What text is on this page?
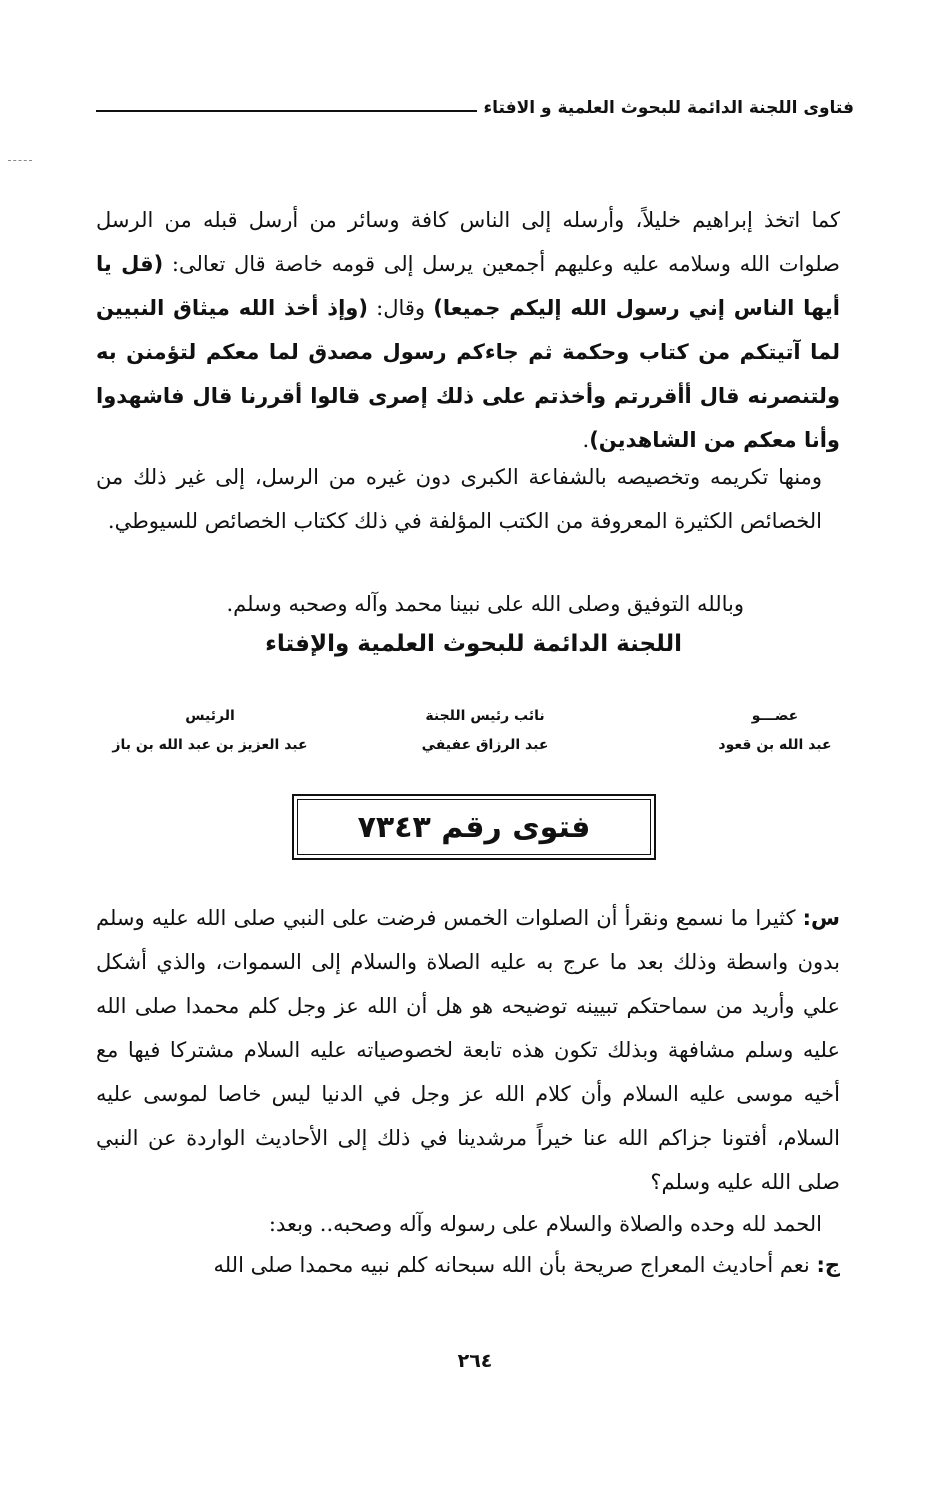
فتاوى اللجنة الدائمة للبحوث العلمية و الافتاء

كما اتخذ إبراهيم خليلاً، وأرسله إلى الناس كافة وسائر من أرسل قبله من الرسل صلوات الله وسلامه عليه وعليهم أجمعين يرسل إلى قومه خاصة قال تعالى: (قل يا أيها الناس إني رسول الله إليكم جميعا) وقال: (وإذ أخذ الله ميثاق النبيين لما آتيتكم من كتاب وحكمة ثم جاءكم رسول مصدق لما معكم لتؤمنن به ولتنصرنه قال أأقررتم وأخذتم على ذلك إصرى قالوا أقررنا قال فاشهدوا وأنا معكم من الشاهدين).

ومنها تكريمه وتخصيصه بالشفاعة الكبرى دون غيره من الرسل، إلى غير ذلك من الخصائص الكثيرة المعروفة من الكتب المؤلفة في ذلك ككتاب الخصائص للسيوطي.

وبالله التوفيق وصلى الله على نبينا محمد وآله وصحبه وسلم.
اللجنة الدائمة للبحوث العلمية والإفتاء
عضـــو
عبد الله بن قعود
نائب رئيس اللجنة
عبد الرزاق عفيفي
الرئيس
عبد العزيز بن عبد الله بن باز
فتوى رقم ٧٣٤٣

س: كثيرا ما نسمع ونقرأ أن الصلوات الخمس فرضت على النبي صلى الله عليه وسلم بدون واسطة وذلك بعد ما عرج به عليه الصلاة والسلام إلى السموات، والذي أشكل علي وأريد من سماحتكم تبيينه توضيحه هو هل أن الله عز وجل كلم محمدا صلى الله عليه وسلم مشافهة وبذلك تكون هذه تابعة لخصوصياته عليه السلام مشتركا فيها مع أخيه موسى عليه السلام وأن كلام الله عز وجل في الدنيا ليس خاصا لموسى عليه السلام، أفتونا جزاكم الله عنا خيراً مرشدينا في ذلك إلى الأحاديث الواردة عن النبي صلى الله عليه وسلم؟

الحمد لله وحده والصلاة والسلام على رسوله وآله وصحبه.. وبعد:

ج: نعم أحاديث المعراج صريحة بأن الله سبحانه كلم نبيه محمدا صلى الله

٢٦٤
